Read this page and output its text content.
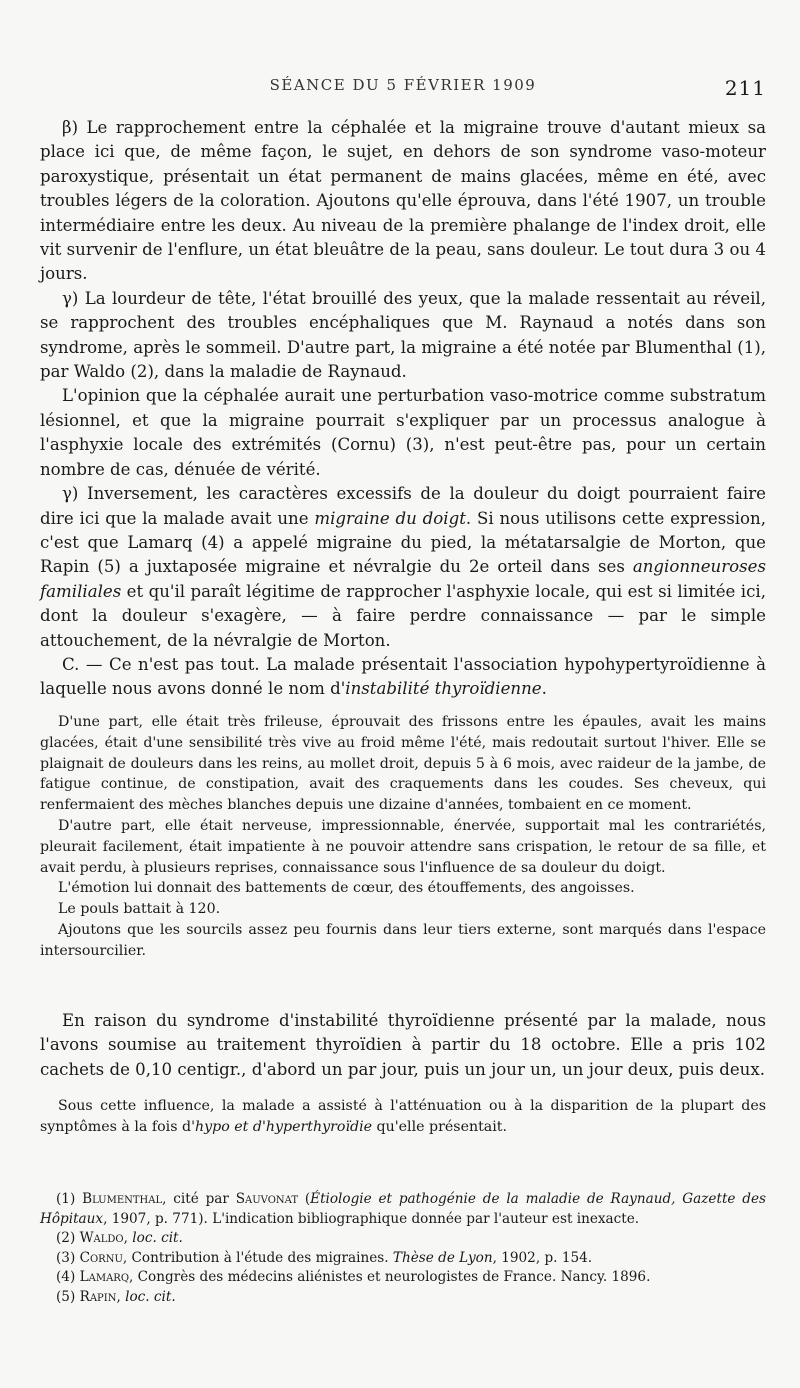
SÉANCE DU 5 FÉVRIER 1909	211

β) Le rapprochement entre la céphalée et la migraine trouve d'autant mieux sa place ici que, de même façon, le sujet, en dehors de son syndrome vaso-moteur paroxystique, présentait un état permanent de mains glacées, même en été, avec troubles légers de la coloration. Ajoutons qu'elle éprouva, dans l'été 1907, un trouble intermédiaire entre les deux. Au niveau de la première phalange de l'index droit, elle vit survenir de l'enflure, un état bleuâtre de la peau, sans douleur. Le tout dura 3 ou 4 jours.

γ) La lourdeur de tête, l'état brouillé des yeux, que la malade ressentait au réveil, se rapprochent des troubles encéphaliques que M. Raynaud a notés dans son syndrome, après le sommeil. D'autre part, la migraine a été notée par Blumenthal (1), par Waldo (2), dans la maladie de Raynaud.

L'opinion que la céphalée aurait une perturbation vaso-motrice comme substratum lésionnel, et que la migraine pourrait s'expliquer par un processus analogue à l'asphyxie locale des extrémités (Cornu) (3), n'est peut-être pas, pour un certain nombre de cas, dénuée de vérité.

γ) Inversement, les caractères excessifs de la douleur du doigt pourraient faire dire ici que la malade avait une migraine du doigt. Si nous utilisons cette expression, c'est que Lamarq (4) a appelé migraine du pied, la métatarsalgie de Morton, que Rapin (5) a juxtaposée migraine et névralgie du 2e orteil dans ses angionneuroses familiales et qu'il paraît légitime de rapprocher l'asphyxie locale, qui est si limitée ici, dont la douleur s'exagère, — à faire perdre connaissance — par le simple attouchement, de la névralgie de Morton.

C. — Ce n'est pas tout. La malade présentait l'association hypohypertyroïdienne à laquelle nous avons donné le nom d'instabilité thyroïdienne.

D'une part, elle était très frileuse, éprouvait des frissons entre les épaules, avait les mains glacées, était d'une sensibilité très vive au froid même l'été, mais redoutait surtout l'hiver. Elle se plaignait de douleurs dans les reins, au mollet droit, depuis 5 à 6 mois, avec raideur de la jambe, de fatigue continue, de constipation, avait des craquements dans les coudes. Ses cheveux, qui renfermaient des mèches blanches depuis une dizaine d'années, tombaient en ce moment.

D'autre part, elle était nerveuse, impressionnable, énervée, supportait mal les contrariétés, pleurait facilement, était impatiente à ne pouvoir attendre sans crispation, le retour de sa fille, et avait perdu, à plusieurs reprises, connaissance sous l'influence de sa douleur du doigt.

L'émotion lui donnait des battements de cœur, des étouffements, des angoisses.

Le pouls battait à 120.

Ajoutons que les sourcils assez peu fournis dans leur tiers externe, sont marqués dans l'espace intersourcilier.

En raison du syndrome d'instabilité thyroïdienne présenté par la malade, nous l'avons soumise au traitement thyroïdien à partir du 18 octobre. Elle a pris 102 cachets de 0,10 centigr., d'abord un par jour, puis un jour un, un jour deux, puis deux.

Sous cette influence, la malade a assisté à l'atténuation ou à la disparition de la plupart des synptômes à la fois d'hypo et d'hyperthyroïdie qu'elle présentait.

(1) Blumenthal, cité par Sauvonat (Étiologie et pathogénie de la maladie de Raynaud, Gazette des Hôpitaux, 1907, p. 771). L'indication bibliographique donnée par l'auteur est inexacte.

(2) Waldo, loc. cit.

(3) Cornu, Contribution à l'étude des migraines. Thèse de Lyon, 1902, p. 154.

(4) Lamarq, Congrès des médecins aliénistes et neurologistes de France. Nancy. 1896.

(5) Rapin, loc. cit.
